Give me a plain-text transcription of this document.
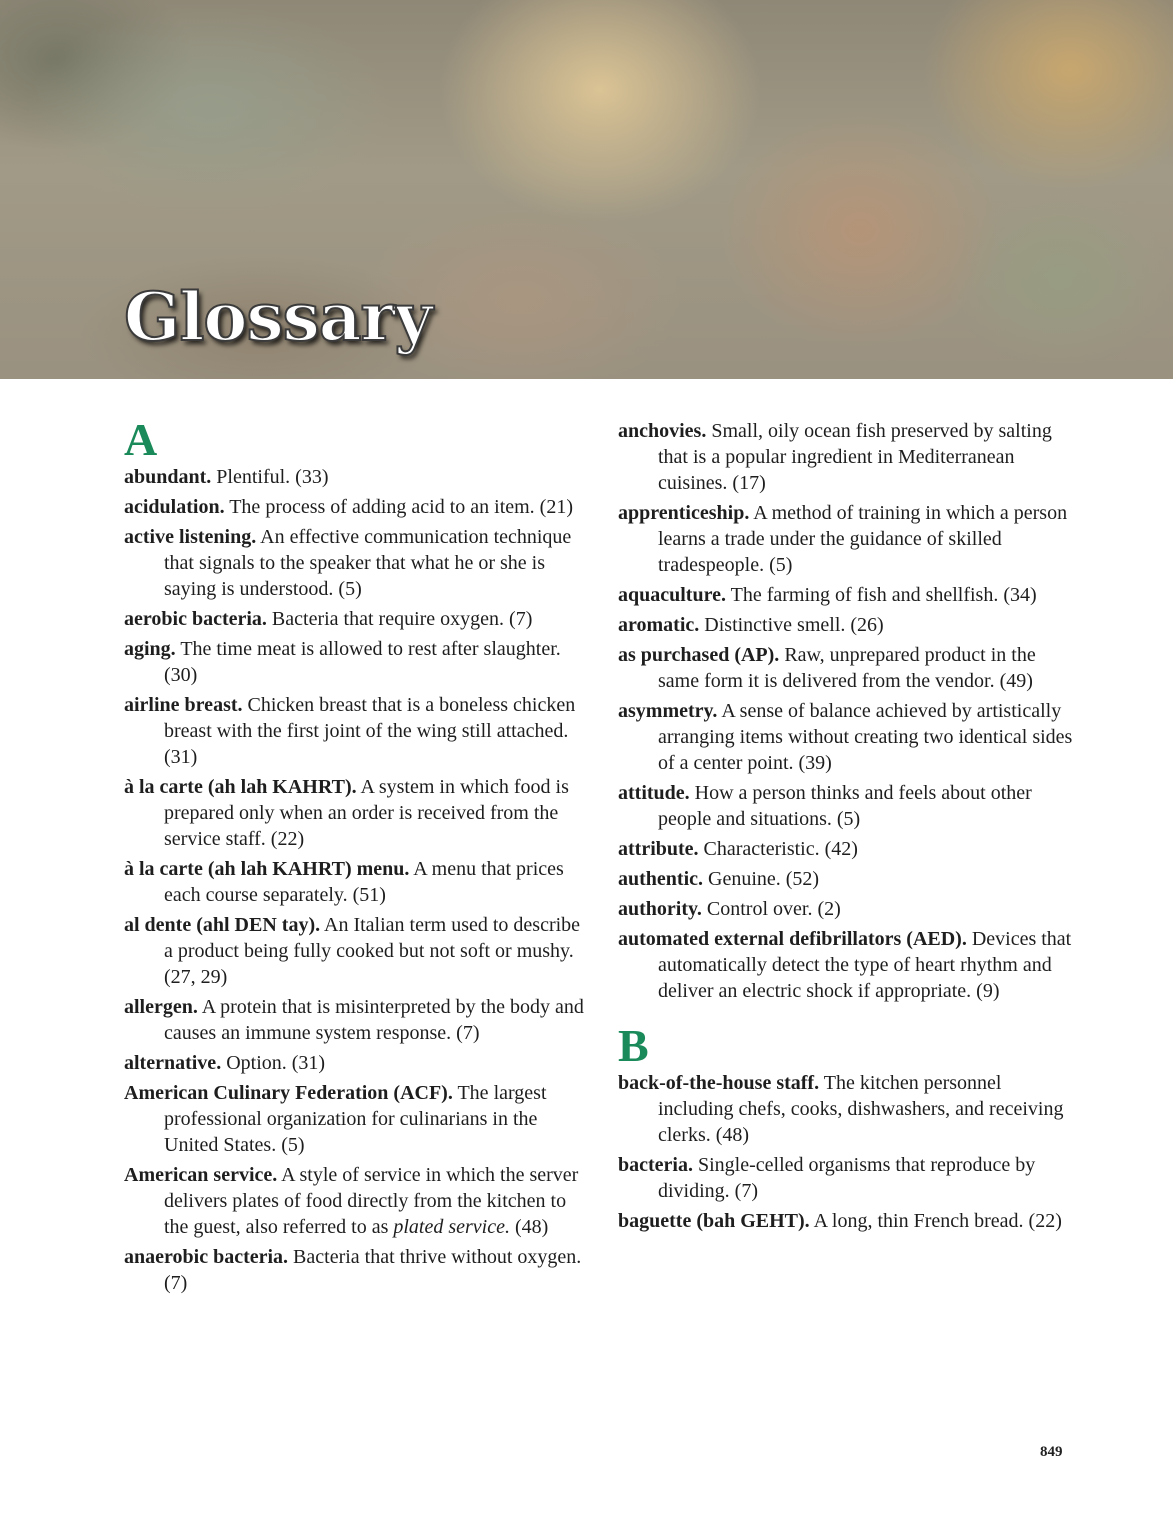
Glossary
A

abundant. Plentiful. (33)

acidulation. The process of adding acid to an item. (21)

active listening. An effective communication technique that signals to the speaker that what he or she is saying is understood. (5)

aerobic bacteria. Bacteria that require oxygen. (7)

aging. The time meat is allowed to rest after slaughter. (30)

airline breast. Chicken breast that is a boneless chicken breast with the first joint of the wing still attached. (31)

à la carte (ah lah KAHRT). A system in which food is prepared only when an order is received from the service staff. (22)

à la carte (ah lah KAHRT) menu. A menu that prices each course separately. (51)

al dente (ahl DEN tay). An Italian term used to describe a product being fully cooked but not soft or mushy. (27, 29)

allergen. A protein that is misinterpreted by the body and causes an immune system response. (7)

alternative. Option. (31)

American Culinary Federation (ACF). The largest professional organization for culinarians in the United States. (5)

American service. A style of service in which the server delivers plates of food directly from the kitchen to the guest, also referred to as plated service. (48)

anaerobic bacteria. Bacteria that thrive without oxygen. (7)

anchovies. Small, oily ocean fish preserved by salting that is a popular ingredient in Mediterranean cuisines. (17)

apprenticeship. A method of training in which a person learns a trade under the guidance of skilled tradespeople. (5)

aquaculture. The farming of fish and shellfish. (34)

aromatic. Distinctive smell. (26)

as purchased (AP). Raw, unprepared product in the same form it is delivered from the vendor. (49)

asymmetry. A sense of balance achieved by artistically arranging items without creating two identical sides of a center point. (39)

attitude. How a person thinks and feels about other people and situations. (5)

attribute. Characteristic. (42)

authentic. Genuine. (52)

authority. Control over. (2)

automated external defibrillators (AED). Devices that automatically detect the type of heart rhythm and deliver an electric shock if appropriate. (9)

B

back-of-the-house staff. The kitchen personnel including chefs, cooks, dishwashers, and receiving clerks. (48)

bacteria. Single-celled organisms that reproduce by dividing. (7)

baguette (bah GEHT). A long, thin French bread. (22)

849
